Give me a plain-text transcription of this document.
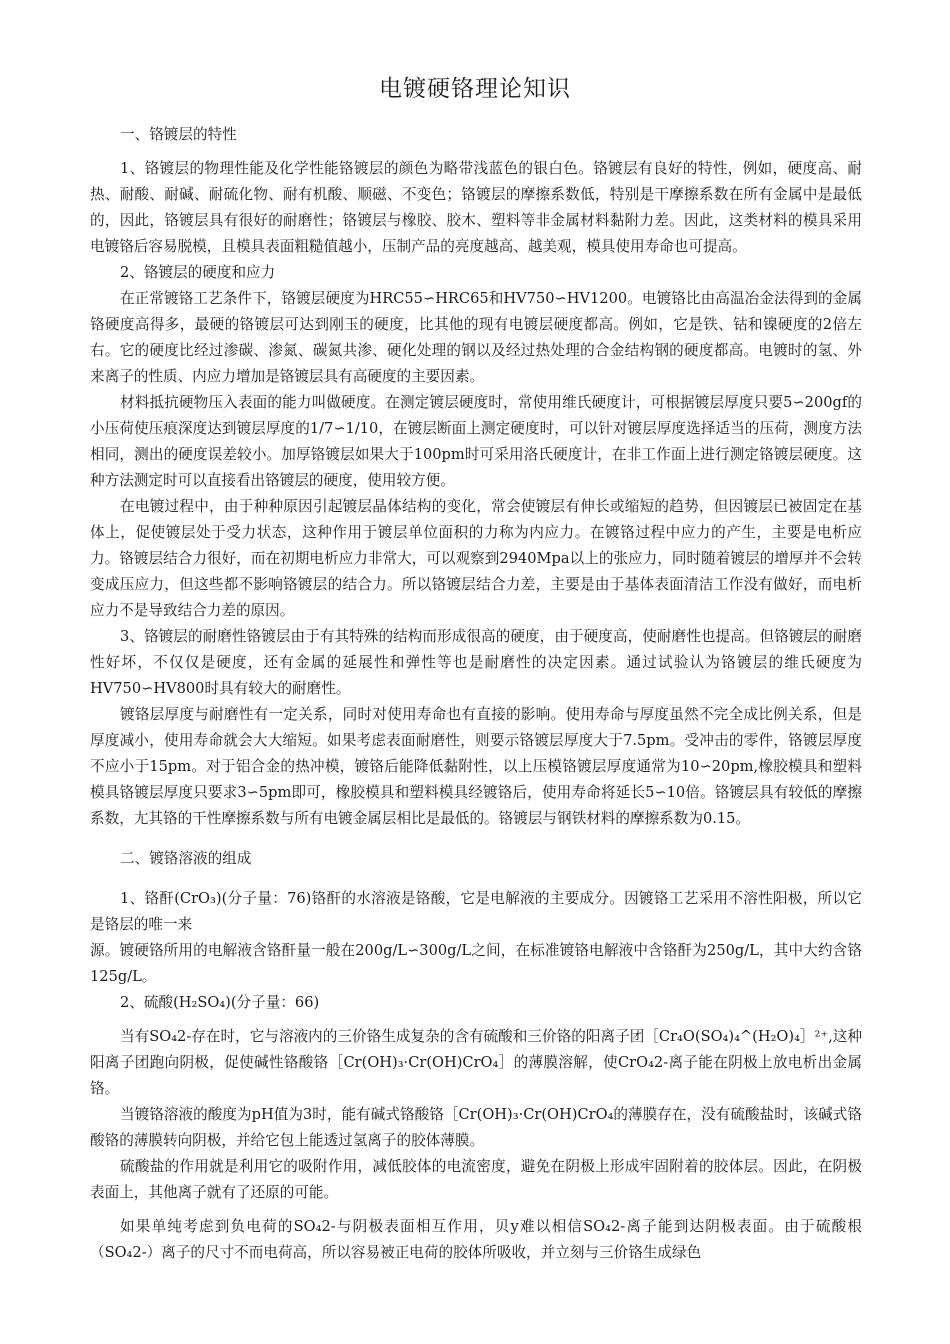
电镀硬铬理论知识

一、铬镀层的特性

1、铬镀层的物理性能及化学性能铬镀层的颜色为略带浅蓝色的银白色。铬镀层有良好的特性，例如，硬度高、耐热、耐酸、耐碱、耐硫化物、耐有机酸、顺磁、不变色；铬镀层的摩擦系数低，特别是干摩擦系数在所有金属中是最低的，因此，铬镀层具有很好的耐磨性；铬镀层与橡胶、胶木、塑料等非金属材料黏附力差。因此，这类材料的模具采用电镀铬后容易脱模，且模具表面粗糙值越小，压制产品的亮度越高、越美观，模具使用寿命也可提高。

2、铬镀层的硬度和应力

在正常镀铬工艺条件下，铬镀层硬度为HRC55∽HRC65和HV750∽HV1200。电镀铬比由高温冶金法得到的金属铬硬度高得多，最硬的铬镀层可达到刚玉的硬度，比其他的现有电镀层硬度都高。例如，它是铁、钴和镍硬度的2倍左右。它的硬度比经过渗碳、渗氮、碳氮共渗、硬化处理的钢以及经过热处理的合金结构钢的硬度都高。电镀时的氢、外来离子的性质、内应力增加是铬镀层具有高硬度的主要因素。

材料抵抗硬物压入表面的能力叫做硬度。在测定镀层硬度时，常使用维氏硬度计，可根据镀层厚度只要5∽200gf的小压荷使压痕深度达到镀层厚度的1/7∽1/10，在镀层断面上测定硬度时，可以针对镀层厚度选择适当的压荷，测度方法相同，测出的硬度误差较小。加厚铬镀层如果大于100pm时可采用洛氏硬度计，在非工作面上进行测定铬镀层硬度。这种方法测定时可以直接看出铬镀层的硬度，使用较方便。

在电镀过程中，由于种种原因引起镀层晶体结构的变化，常会使镀层有伸长或缩短的趋势，但因镀层已被固定在基体上，促使镀层处于受力状态，这种作用于镀层单位面积的力称为内应力。在镀铬过程中应力的产生，主要是电析应力。铬镀层结合力很好，而在初期电析应力非常大，可以观察到2940Mpa以上的张应力，同时随着镀层的增厚并不会转变成压应力，但这些都不影响铬镀层的结合力。所以铬镀层结合力差，主要是由于基体表面清洁工作没有做好，而电析应力不是导致结合力差的原因。

3、铬镀层的耐磨性铬镀层由于有其特殊的结构而形成很高的硬度，由于硬度高，使耐磨性也提高。但铬镀层的耐磨性好坏，不仅仅是硬度，还有金属的延展性和弹性等也是耐磨性的决定因素。通过试验认为铬镀层的维氏硬度为HV750∽HV800时具有较大的耐磨性。

镀铬层厚度与耐磨性有一定关系，同时对使用寿命也有直接的影响。使用寿命与厚度虽然不完全成比例关系，但是厚度减小，使用寿命就会大大缩短。如果考虑表面耐磨性，则要示铬镀层厚度大于7.5pm。受冲击的零件，铬镀层厚度不应小于15pm。对于铝合金的热冲模，镀铬后能降低黏附性，以上压模铬镀层厚度通常为10∽20pm,橡胶模具和塑料模具铬镀层厚度只要求3∽5pm即可，橡胶模具和塑料模具经镀铬后，使用寿命将延长5∽10倍。铬镀层具有较低的摩擦系数，尢其铬的干性摩擦系数与所有电镀金属层相比是最低的。铬镀层与钢铁材料的摩擦系数为0.15。

二、镀铬溶液的组成

1、铬酐(CrO₃)(分子量：76)铬酐的水溶液是铬酸，它是电解液的主要成分。因镀铬工艺采用不溶性阳极，所以它是铬层的唯一来

源。镀硬铬所用的电解液含铬酐量一般在200g/L∽300g/L之间，在标准镀铬电解液中含铬酐为250g/L，其中大约含铬125g/L。

2、硫酸(H₂SO₄)(分子量：66)

当有SO₄2-存在时，它与溶液内的三价铬生成复杂的含有硫酸和三价铬的阳离子团［Cr₄O(SO₄)₄^(H₂O)₄］²⁺,这种阳离子团跑向阴极，促使碱性铬酸铬［Cr(OH)₃·Cr(OH)CrO₄］的薄膜溶解，使CrO₄2-离子能在阴极上放电析出金属铬。

当镀铬溶液的酸度为pH值为3时，能有碱式铬酸铬［Cr(OH)₃·Cr(OH)CrO₄的薄膜存在，没有硫酸盐时，该碱式铬酸铬的薄膜转向阴极，并给它包上能透过氢离子的胶体薄膜。

硫酸盐的作用就是利用它的吸附作用，减低胶体的电流密度，避免在阴极上形成牢固附着的胶体层。因此，在阴极表面上，其他离子就有了还原的可能。

如果单纯考虑到负电荷的SO₄2-与阴极表面相互作用，贝y难以相信SO₄2-离子能到达阴极表面。由于硫酸根（SO₄2-）离子的尺寸不而电荷高，所以容易被正电荷的胶体所吸收，并立刻与三价铬生成绿色
